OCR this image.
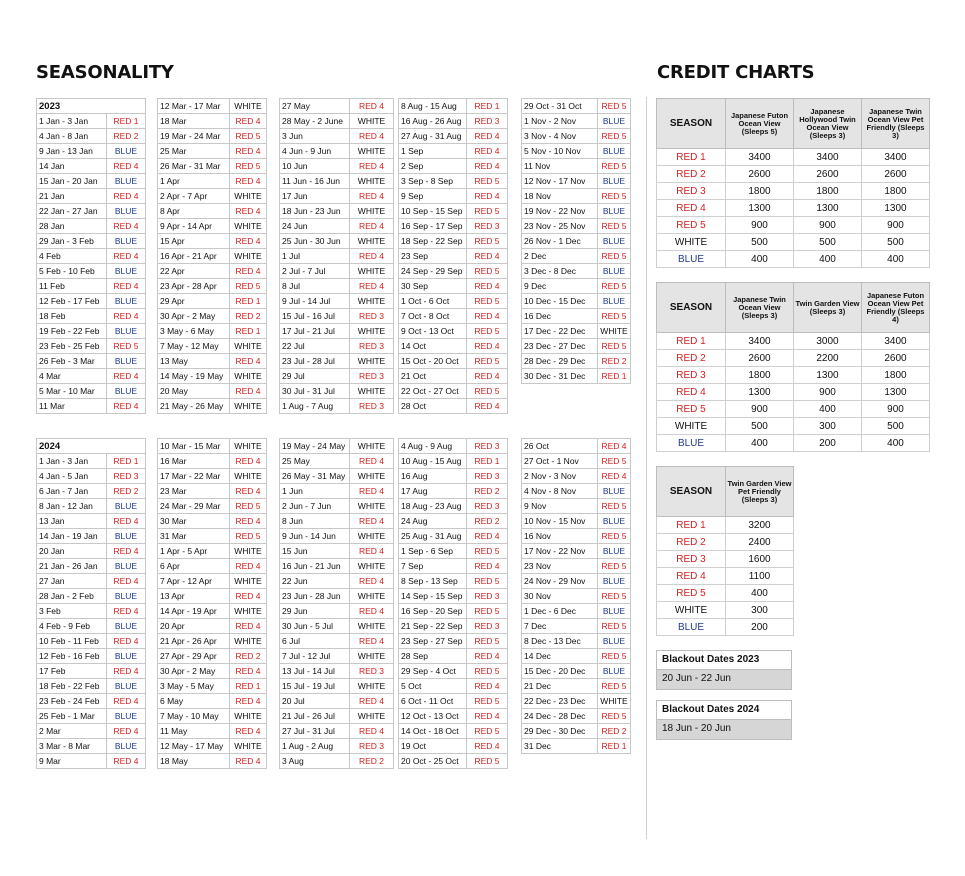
SEASONALITY	CREDIT CHARTS
2023	
1 Jan - 3 Jan	RED 1
4 Jan - 8 Jan	RED 2
9 Jan - 13 Jan	BLUE
14 Jan	RED 4
15 Jan - 20 Jan	BLUE
21 Jan	RED 4
22 Jan - 27 Jan	BLUE
28 Jan	RED 4
29 Jan - 3 Feb	BLUE
4 Feb	RED 4
5 Feb - 10 Feb	BLUE
11 Feb	RED 4
12 Feb - 17 Feb	BLUE
18 Feb	RED 4
19 Feb - 22 Feb	BLUE
23 Feb - 25 Feb	RED 5
26 Feb - 3 Mar	BLUE
4 Mar	RED 4
5 Mar - 10 Mar	BLUE
11 Mar	RED 4
12 Mar - 17 Mar	WHITE
18 Mar	RED 4
19 Mar - 24 Mar	RED 5
25 Mar	RED 4
26 Mar - 31 Mar	RED 5
1 Apr	RED 4
2 Apr - 7 Apr	WHITE
8 Apr	RED 4
9 Apr - 14 Apr	WHITE
15 Apr	RED 4
16 Apr - 21 Apr	WHITE
22 Apr	RED 4
23 Apr - 28 Apr	RED 5
29 Apr	RED 1
30 Apr - 2 May	RED 2
3 May - 6 May	RED 1
7 May - 12 May	WHITE
13 May	RED 4
14 May - 19 May	WHITE
20 May	RED 4
21 May - 26 May	WHITE
27 May	RED 4
28 May - 2 June	WHITE
3 Jun	RED 4
4 Jun - 9 Jun	WHITE
10 Jun	RED 4
11 Jun - 16 Jun	WHITE
17 Jun	RED 4
18 Jun - 23 Jun	WHITE
24 Jun	RED 4
25 Jun - 30 Jun	WHITE
1 Jul	RED 4
2 Jul - 7 Jul	WHITE
8 Jul	RED 4
9 Jul - 14 Jul	WHITE
15 Jul - 16 Jul	RED 3
17 Jul - 21 Jul	WHITE
22 Jul	RED 3
23 Jul - 28 Jul	WHITE
29 Jul	RED 3
30 Jul - 31 Jul	WHITE
1 Aug - 7 Aug	RED 3
8 Aug - 15 Aug	RED 1
16 Aug - 26 Aug	RED 3
27 Aug - 31 Aug	RED 4
1 Sep	RED 4
2 Sep	RED 4
3 Sep - 8 Sep	RED 5
9 Sep	RED 4
10 Sep - 15 Sep	RED 5
16 Sep - 17 Sep	RED 3
18 Sep - 22 Sep	RED 5
23 Sep	RED 4
24 Sep - 29 Sep	RED 5
30 Sep	RED 4
1 Oct - 6 Oct	RED 5
7 Oct - 8 Oct	RED 4
9 Oct - 13 Oct	RED 5
14 Oct	RED 4
15 Oct - 20 Oct	RED 5
21 Oct	RED 4
22 Oct - 27 Oct	RED 5
28 Oct	RED 4
29 Oct - 31 Oct	RED 5
1 Nov - 2 Nov	BLUE
3 Nov - 4 Nov	RED 5
5 Nov - 10 Nov	BLUE
11 Nov	RED 5
12 Nov - 17 Nov	BLUE
18 Nov	RED 5
19 Nov - 22 Nov	BLUE
23 Nov - 25 Nov	RED 5
26 Nov - 1 Dec	BLUE
2 Dec	RED 5
3 Dec - 8 Dec	BLUE
9 Dec	RED 5
10 Dec - 15 Dec	BLUE
16 Dec	RED 5
17 Dec - 22 Dec	WHITE
23 Dec - 27 Dec	RED 5
28 Dec - 29 Dec	RED 2
30 Dec - 31 Dec	RED 1
2024	
1 Jan - 3 Jan	RED 1
4 Jan - 5 Jan	RED 3
6 Jan - 7 Jan	RED 2
8 Jan - 12 Jan	BLUE
13 Jan	RED 4
14 Jan - 19 Jan	BLUE
20 Jan	RED 4
21 Jan - 26 Jan	BLUE
27 Jan	RED 4
28 Jan - 2 Feb	BLUE
3 Feb	RED 4
4 Feb - 9 Feb	BLUE
10 Feb - 11 Feb	RED 4
12 Feb - 16 Feb	BLUE
17 Feb	RED 4
18 Feb - 22 Feb	BLUE
23 Feb - 24 Feb	RED 4
25 Feb - 1 Mar	BLUE
2 Mar	RED 4
3 Mar - 8 Mar	BLUE
9 Mar	RED 4
10 Mar - 15 Mar	WHITE
16 Mar	RED 4
17 Mar - 22 Mar	WHITE
23 Mar	RED 4
24 Mar - 29 Mar	RED 5
30 Mar	RED 4
31 Mar	RED 5
1 Apr - 5 Apr	WHITE
6 Apr	RED 4
7 Apr - 12 Apr	WHITE
13 Apr	RED 4
14 Apr - 19 Apr	WHITE
20 Apr	RED 4
21 Apr - 26 Apr	WHITE
27 Apr - 29 Apr	RED 2
30 Apr - 2 May	RED 4
3 May - 5 May	RED 1
6 May	RED 4
7 May - 10 May	WHITE
11 May	RED 4
12 May - 17 May	WHITE
18 May	RED 4
19 May - 24 May	WHITE
25 May	RED 4
26 May - 31 May	WHITE
1 Jun	RED 4
2 Jun - 7 Jun	WHITE
8 Jun	RED 4
9 Jun - 14 Jun	WHITE
15 Jun	RED 4
16 Jun - 21 Jun	WHITE
22 Jun	RED 4
23 Jun - 28 Jun	WHITE
29 Jun	RED 4
30 Jun - 5 Jul	WHITE
6 Jul	RED 4
7 Jul - 12 Jul	WHITE
13 Jul - 14 Jul	RED 3
15 Jul - 19 Jul	WHITE
20 Jul	RED 4
21 Jul - 26 Jul	WHITE
27 Jul - 31 Jul	RED 4
1 Aug - 2 Aug	RED 3
3 Aug	RED 2
4 Aug - 9 Aug	RED 3
10 Aug - 15 Aug	RED 1
16 Aug	RED 3
17 Aug	RED 2
18 Aug - 23 Aug	RED 3
24 Aug	RED 2
25 Aug - 31 Aug	RED 4
1 Sep - 6 Sep	RED 5
7 Sep	RED 4
8 Sep - 13 Sep	RED 5
14 Sep - 15 Sep	RED 3
16 Sep - 20 Sep	RED 5
21 Sep - 22 Sep	RED 3
23 Sep - 27 Sep	RED 5
28 Sep	RED 4
29 Sep - 4 Oct	RED 5
5 Oct	RED 4
6 Oct - 11 Oct	RED 5
12 Oct - 13 Oct	RED 4
14 Oct - 18 Oct	RED 5
19 Oct	RED 4
20 Oct - 25 Oct	RED 5
26 Oct	RED 4
27 Oct - 1 Nov	RED 5
2 Nov - 3 Nov	RED 4
4 Nov - 8 Nov	BLUE
9 Nov	RED 5
10 Nov - 15 Nov	BLUE
16 Nov	RED 5
17 Nov - 22 Nov	BLUE
23 Nov	RED 5
24 Nov - 29 Nov	BLUE
30 Nov	RED 5
1 Dec - 6 Dec	BLUE
7 Dec	RED 5
8 Dec - 13 Dec	BLUE
14 Dec	RED 5
15 Dec - 20 Dec	BLUE
21 Dec	RED 5
22 Dec - 23 Dec	WHITE
24 Dec - 28 Dec	RED 5
29 Dec - 30 Dec	RED 2
31 Dec	RED 1
SEASON	Japanese Futon Ocean View (Sleeps 5)	Japanese Hollywood Twin Ocean View (Sleeps 3)	Japanese Twin Ocean View Pet Friendly (Sleeps 3)
RED 1	3400	3400	3400
RED 2	2600	2600	2600
RED 3	1800	1800	1800
RED 4	1300	1300	1300
RED 5	900	900	900
WHITE	500	500	500
BLUE	400	400	400
SEASON	Japanese Twin Ocean View (Sleeps 3)	Twin Garden View (Sleeps 3)	Japanese Futon Ocean View Pet Friendly (Sleeps 4)
RED 1	3400	3000	3400
RED 2	2600	2200	2600
RED 3	1800	1300	1800
RED 4	1300	900	1300
RED 5	900	400	900
WHITE	500	300	500
BLUE	400	200	400
SEASON	Twin Garden View Pet Friendly (Sleeps 3)
RED 1	3200
RED 2	2400
RED 3	1600
RED 4	1100
RED 5	400
WHITE	300
BLUE	200
Blackout Dates 2023
20 Jun - 22 Jun
Blackout Dates 2024
18 Jun - 20 Jun
